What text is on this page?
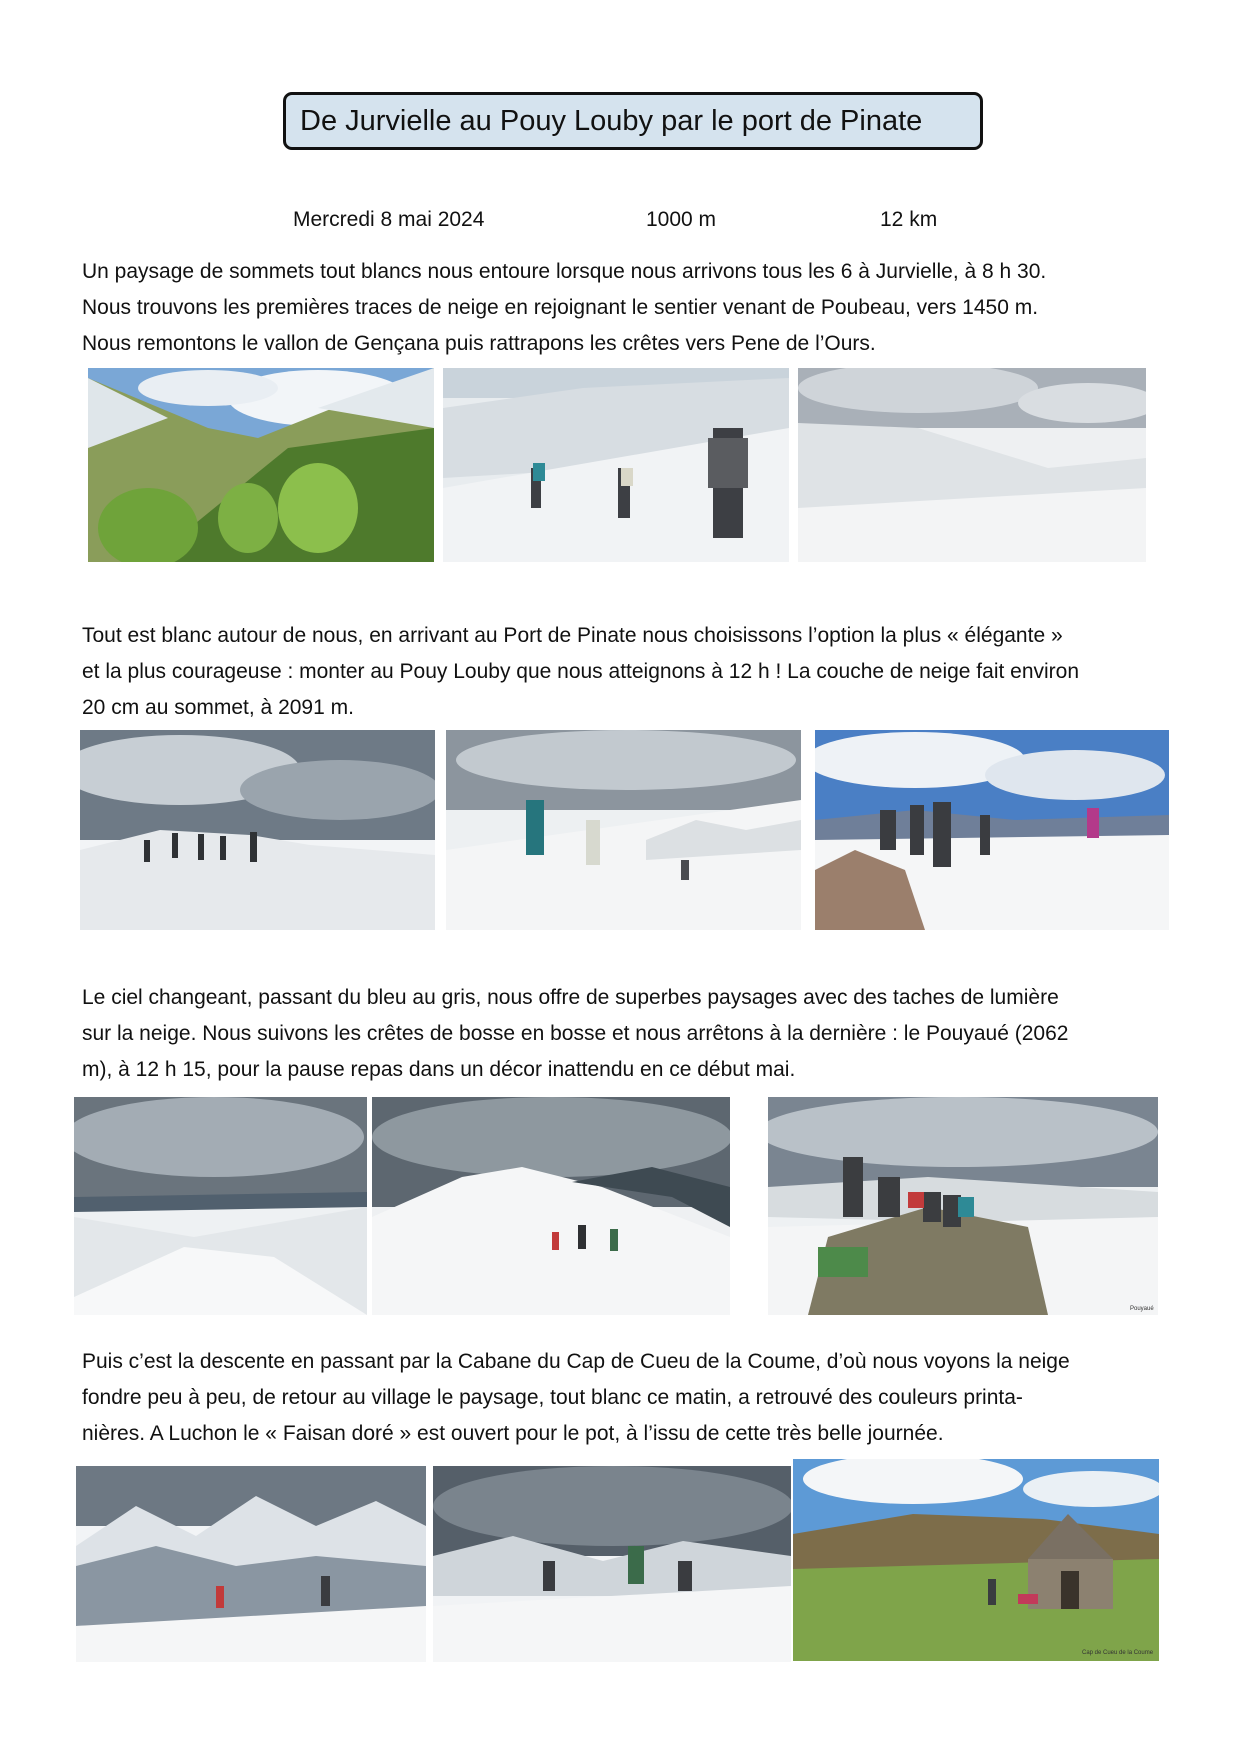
De Jurvielle au Pouy Louby par le port de Pinate
Mercredi 8 mai 2024	1000 m	12 km
Un paysage de sommets tout blancs nous entoure lorsque nous arrivons tous les 6 à Jurvielle, à 8 h 30.
Nous trouvons les premières traces de neige en rejoignant le sentier venant de Poubeau, vers 1450 m.
Nous remontons le vallon de Gençana puis rattrapons les crêtes vers Pene de l’Ours.
Tout est blanc autour de nous, en arrivant au Port de Pinate nous choisissons l’option la plus « élégante »
et la plus courageuse : monter au Pouy Louby que nous atteignons à 12 h ! La couche de neige fait environ
20 cm au sommet, à 2091 m.
Le ciel changeant, passant du bleu au gris, nous offre de superbes paysages avec des taches de lumière
sur la neige. Nous suivons les crêtes de bosse en bosse et nous arrêtons à la dernière : le Pouyaué (2062
m), à 12 h 15, pour la pause repas dans un décor inattendu en ce début mai.
Pouyaué
Puis c’est la descente en passant par la Cabane du Cap de Cueu de la Coume, d’où nous voyons la neige
fondre peu à peu, de retour au village le paysage, tout blanc ce matin, a retrouvé des couleurs printa-
nières. A Luchon le « Faisan doré » est ouvert pour le pot, à l’issu de cette très belle journée.
Cap de Cueu de la Coume
